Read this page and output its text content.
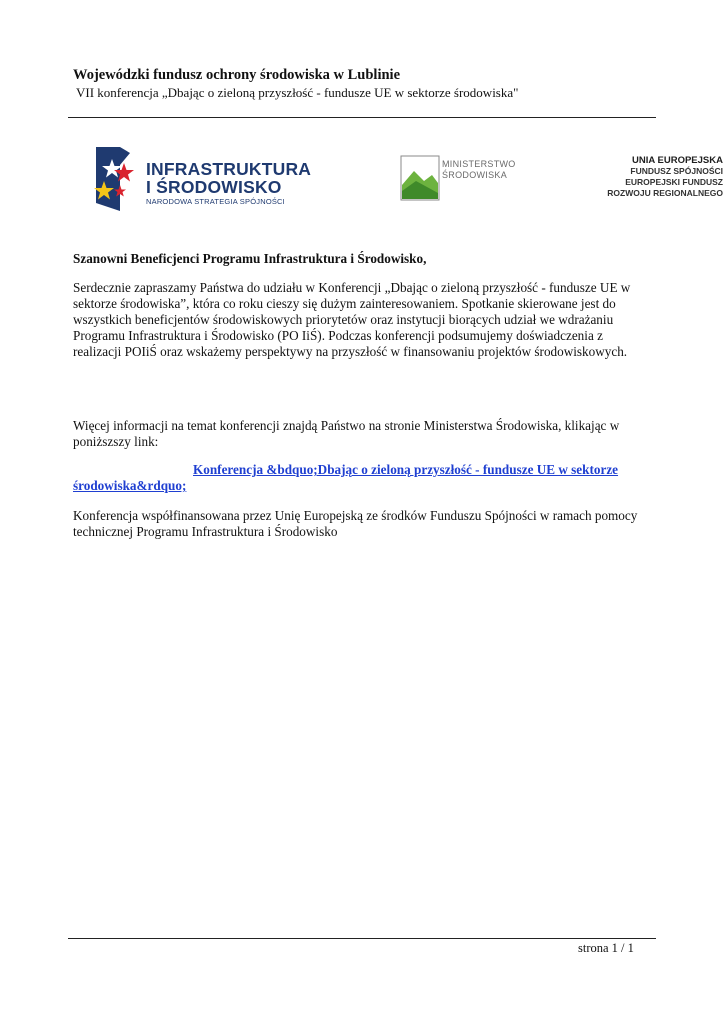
Wojewódzki fundusz ochrony środowiska w Lublinie
VII konferencja „Dbając o zieloną przyszłość - fundusze UE w sektorze środowiska"
INFRASTRUKTURA
I ŚRODOWISKO
NARODOWA STRATEGIA SPÓJNOŚCI
MINISTERSTWO
ŚRODOWISKA
UNIA EUROPEJSKA
FUNDUSZ SPÓJNOŚCI
EUROPEJSKI FUNDUSZ
ROZWOJU REGIONALNEGO
Szanowni Beneficjenci Programu Infrastruktura i Środowisko,
Serdecznie zapraszamy Państwa do udziału w Konferencji „Dbając o zieloną przyszłość - fundusze UE w sektorze środowiska”, która co roku cieszy się dużym zainteresowaniem. Spotkanie skierowane jest do wszystkich beneficjentów środowiskowych priorytetów oraz instytucji biorących udział we wdrażaniu Programu Infrastruktura i Środowisko (PO IiŚ). Podczas konferencji podsumujemy doświadczenia z realizacji POIiŚ oraz wskażemy perspektywy na przyszłość w finansowaniu projektów środowiskowych.
Więcej informacji na temat konferencji znajdą Państwo na stronie Ministerstwa Środowiska, klikając w poniższszy link:
Konferencja &bdquo;Dbając o zieloną przyszłość - fundusze UE w sektorze
środowiska&rdquo;
Konferencja współfinansowana przez Unię Europejską ze środków Funduszu Spójności w ramach pomocy technicznej Programu Infrastruktura i Środowisko
strona 1 / 1
